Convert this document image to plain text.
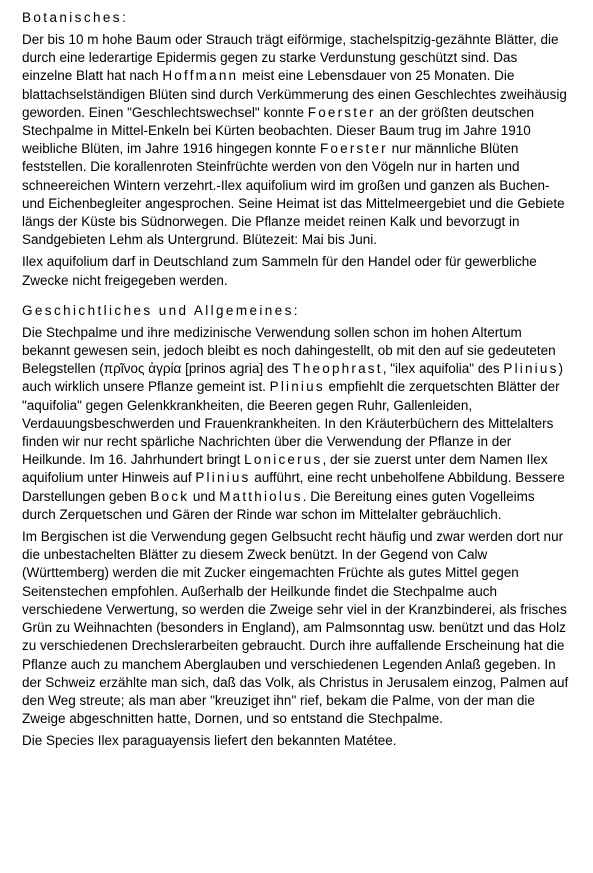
Botanisches:

Der bis 10 m hohe Baum oder Strauch trägt eiförmige, stachelspitzig-gezähnte Blätter, die durch eine lederartige Epidermis gegen zu starke Verdunstung geschützt sind. Das einzelne Blatt hat nach Hoffmann meist eine Lebensdauer von 25 Monaten. Die blattachselständigen Blüten sind durch Verkümmerung des einen Geschlechtes zweihäusig geworden. Einen "Geschlechtswechsel" konnte Foerster an der größten deutschen Stechpalme in Mittel-Enkeln bei Kürten beobachten. Dieser Baum trug im Jahre 1910 weibliche Blüten, im Jahre 1916 hingegen konnte Foerster nur männliche Blüten feststellen. Die korallenroten Steinfrüchte werden von den Vögeln nur in harten und schneereichen Wintern verzehrt.-Ilex aquifolium wird im großen und ganzen als Buchen- und Eichenbegleiter angesprochen. Seine Heimat ist das Mittelmeergebiet und die Gebiete längs der Küste bis Südnorwegen. Die Pflanze meidet reinen Kalk und bevorzugt in Sandgebieten Lehm als Untergrund. Blütezeit: Mai bis Juni.

Ilex aquifolium darf in Deutschland zum Sammeln für den Handel oder für gewerbliche Zwecke nicht freigegeben werden.

Geschichtliches und Allgemeines:

Die Stechpalme und ihre medizinische Verwendung sollen schon im hohen Altertum bekannt gewesen sein, jedoch bleibt es noch dahingestellt, ob mit den auf sie gedeuteten Belegstellen (πρῖνος ἀγρία [prinos agria] des Theophrast, "ilex aquifolia" des Plinius) auch wirklich unsere Pflanze gemeint ist. Plinius empfiehlt die zerquetschten Blätter der "aquifolia" gegen Gelenkkrankheiten, die Beeren gegen Ruhr, Gallenleiden, Verdauungsbeschwerden und Frauenkrankheiten. In den Kräuterbüchern des Mittelalters finden wir nur recht spärliche Nachrichten über die Verwendung der Pflanze in der Heilkunde. Im 16. Jahrhundert bringt Lonicerus, der sie zuerst unter dem Namen Ilex aquifolium unter Hinweis auf Plinius aufführt, eine recht unbeholfene Abbildung. Bessere Darstellungen geben Bock und Matthiolus. Die Bereitung eines guten Vogelleims durch Zerquetschen und Gären der Rinde war schon im Mittelalter gebräuchlich.

Im Bergischen ist die Verwendung gegen Gelbsucht recht häufig und zwar werden dort nur die unbestachelten Blätter zu diesem Zweck benützt. In der Gegend von Calw (Württemberg) werden die mit Zucker eingemachten Früchte als gutes Mittel gegen Seitenstechen empfohlen. Außerhalb der Heilkunde findet die Stechpalme auch verschiedene Verwertung, so werden die Zweige sehr viel in der Kranzbinderei, als frisches Grün zu Weihnachten (besonders in England), am Palmsonntag usw. benützt und das Holz zu verschiedenen Drechslerarbeiten gebraucht. Durch ihre auffallende Erscheinung hat die Pflanze auch zu manchem Aberglauben und verschiedenen Legenden Anlaß gegeben. In der Schweiz erzählte man sich, daß das Volk, als Christus in Jerusalem einzog, Palmen auf den Weg streute; als man aber "kreuziget ihn" rief, bekam die Palme, von der man die Zweige abgeschnitten hatte, Dornen, und so entstand die Stechpalme.

Die Species Ilex paraguayensis liefert den bekannten Matétee.
